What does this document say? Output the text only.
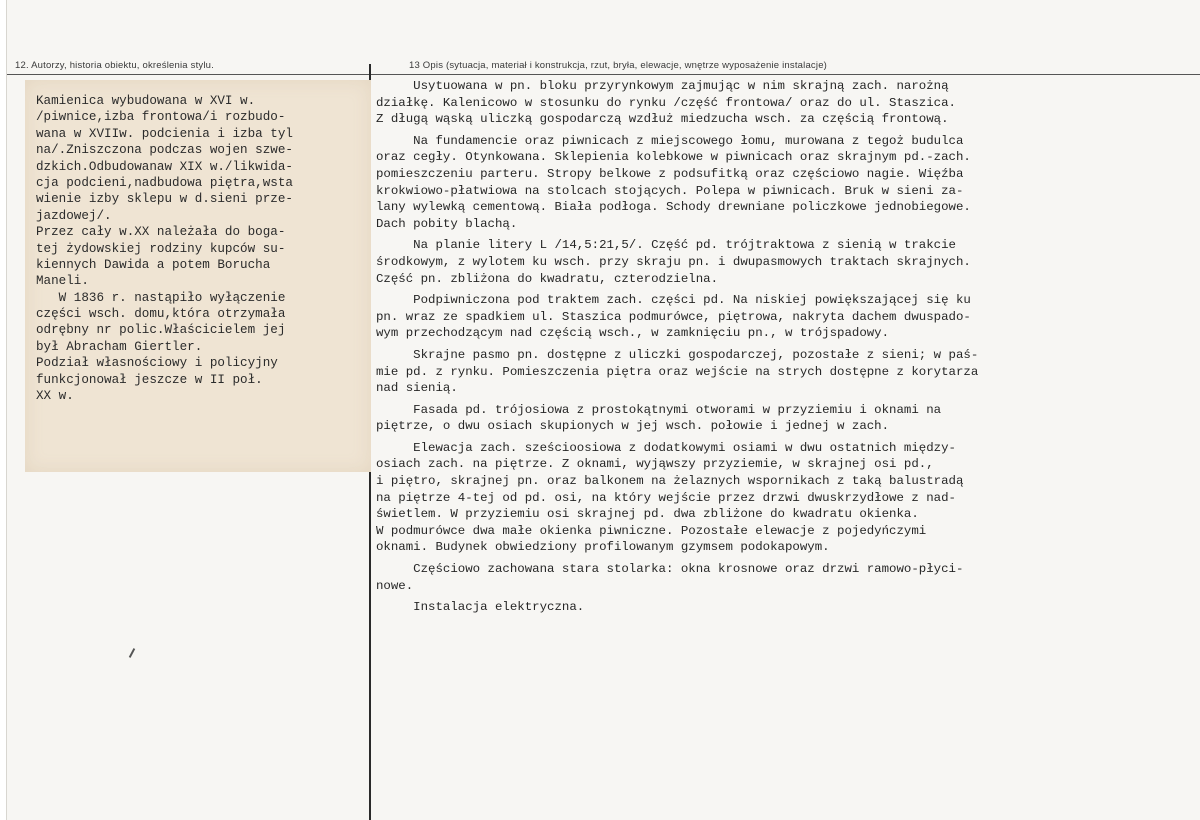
12. Autorzy, historia obiektu, określenia stylu.	13 Opis (sytuacja, materiał i konstrukcja, rzut, bryła, elewacje, wnętrze wyposażenie instalacje)
Kamienica wybudowana w XVI w.
/piwnice,izba frontowa/i rozbudo-
wana w XVIIw. podcienia i izba tyl
na/.Zniszczona podczas wojen szwe-
dzkich.Odbudowanaw XIX w./likwida-
cja podcieni,nadbudowa piętra,wsta
wienie izby sklepu w d.sieni prze-
jazdowej/.
Przez cały w.XX należała do boga-
tej żydowskiej rodziny kupców su-
kiennych Dawida a potem Borucha
Maneli.
W 1836 r. nastąpiło wyłączenie
części wsch. domu,która otrzymała
odrębny nr polic.Właścicielem jej
był Abracham Giertler.
Podział własnościowy i policyjny
funkcjonował jeszcze w II poł.
XX w.
Usytuowana w pn. bloku przyrynkowym zajmując w nim skrajną zach. narożną
działkę. Kalenicowo w stosunku do rynku /część frontowa/ oraz do ul. Staszica.
Z długą wąską uliczką gospodarczą wzdłuż miedzucha wsch. za częścią frontową.
Na fundamencie oraz piwnicach z miejscowego łomu, murowana z tegoż budulca
oraz cegły. Otynkowana. Sklepienia kolebkowe w piwnicach oraz skrajnym pd.-zach.
pomieszczeniu parteru. Stropy belkowe z podsufitką oraz częściowo nagie. Więźba
krokwiowo-płatwiowa na stolcach stojących. Polepa w piwnicach. Bruk w sieni za-
lany wylewką cementową. Biała podłoga. Schody drewniane policzkowe jednobiegowe.
Dach pobity blachą.
Na planie litery L /14,5:21,5/. Część pd. trójtraktowa z sienią w trakcie
środkowym, z wylotem ku wsch. przy skraju pn. i dwupasmowych traktach skrajnych.
Część pn. zbliżona do kwadratu, czterodzielna.
Podpiwniczona pod traktem zach. części pd. Na niskiej powiększającej się ku
pn. wraz ze spadkiem ul. Staszica podmurówce, piętrowa, nakryta dachem dwuspado-
wym przechodzącym nad częścią wsch., w zamknięciu pn., w trójspadowy.
Skrajne pasmo pn. dostępne z uliczki gospodarczej, pozostałe z sieni; w paś-
mie pd. z rynku. Pomieszczenia piętra oraz wejście na strych dostępne z korytarza
nad sienią.
Fasada pd. trójosiowa z prostokątnymi otworami w przyziemiu i oknami na
piętrze, o dwu osiach skupionych w jej wsch. połowie i jednej w zach.
Elewacja zach. sześcioosiowa z dodatkowymi osiami w dwu ostatnich między-
osiach zach. na piętrze. Z oknami, wyjąwszy przyziemie, w skrajnej osi pd.,
i piętro, skrajnej pn. oraz balkonem na żelaznych wspornikach z taką balustradą
na piętrze 4-tej od pd. osi, na który wejście przez drzwi dwuskrzydłowe z nad-
świetlem. W przyziemiu osi skrajnej pd. dwa zbliżone do kwadratu okienka.
W podmurówce dwa małe okienka piwniczne. Pozostałe elewacje z pojedyńczymi
oknami. Budynek obwiedziony profilowanym gzymsem podokapowym.
Częściowo zachowana stara stolarka: okna krosnowe oraz drzwi ramowo-płyci-
nowe.
Instalacja elektryczna.
